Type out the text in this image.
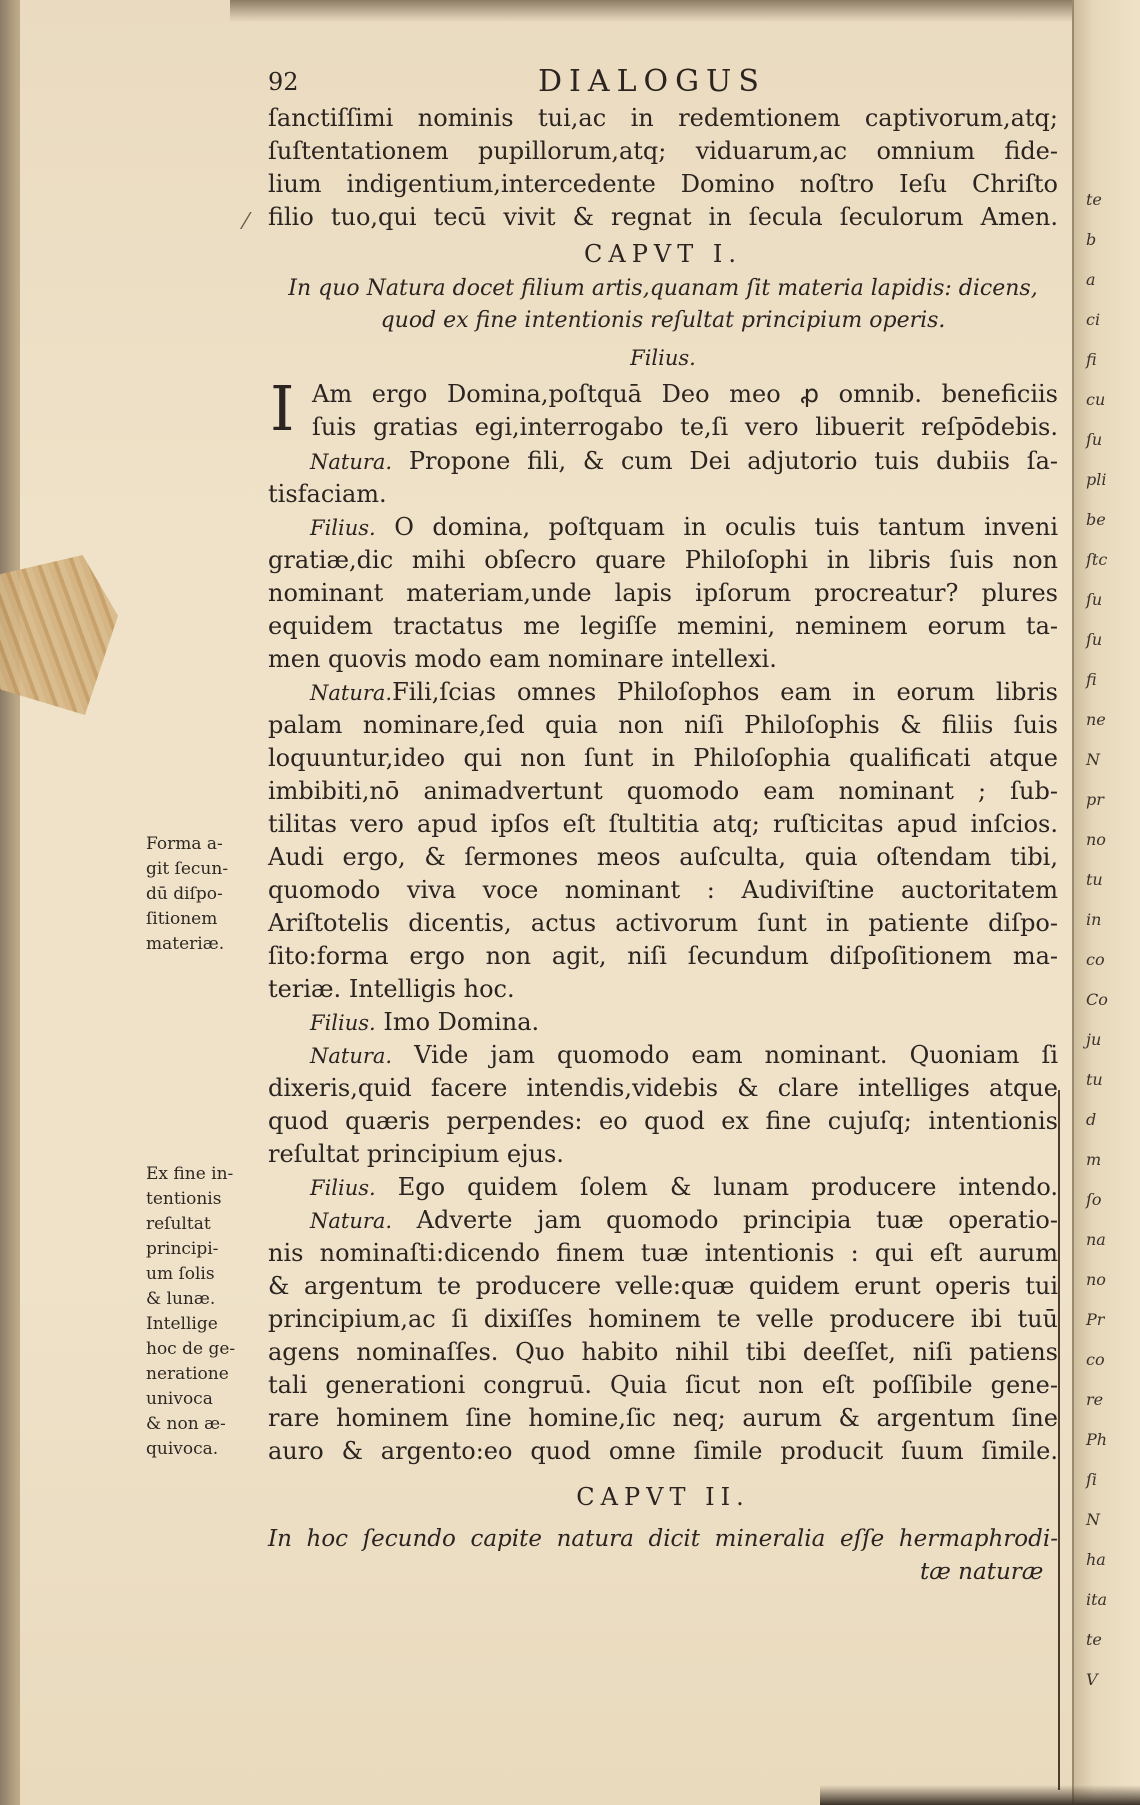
te
b
a
ci
fi
cu
ſu
pli
be
ſtc
ſu
ſu
fi
ne
N
pr
no
tu
in
co
Co
ju
tu
d
m
ſo
na
no
Pr
co
re
Ph
ſi
N
ha
ita
te
V
92	DIALOGUS
ſanctiſſimi nominis tui,ac in redemtionem captivorum,atq;
ſuſtentationem pupillorum,atq; viduarum,ac omnium fide-
lium indigentium,intercedente Domino noſtro Ieſu Chriſto
filio tuo,qui tecū vivit & regnat in ſecula ſeculorum Amen.
⁄
CAPVT I.
In quo Natura docet filium artis,quanam ſit materia lapidis: dicens,
quod ex fine intentionis reſultat principium operis.
Filius.
I Am ergo Domina,poſtquā Deo meo ꝓ omnib. beneficiis
ſuis gratias egi,interrogabo te,ſi vero libuerit reſpōdebis.
Natura. Propone fili, & cum Dei adjutorio tuis dubiis ſa-
tisfaciam.
Filius. O domina, poſtquam in oculis tuis tantum inveni
gratiæ,dic mihi obſecro quare Philoſophi in libris ſuis non
nominant materiam,unde lapis ipſorum procreatur? plures
equidem tractatus me legiſſe memini, neminem eorum ta-
men quovis modo eam nominare intellexi.
Natura.Fili,ſcias omnes Philoſophos eam in eorum libris
palam nominare,ſed quia non niſi Philoſophis & filiis ſuis
loquuntur,ideo qui non ſunt in Philoſophia qualificati atque
imbibiti,nō animadvertunt quomodo eam nominant ; ſub-
tilitas vero apud ipſos eſt ſtultitia atq; ruſticitas apud inſcios.
Audi ergo, & ſermones meos auſculta, quia oſtendam tibi,
quomodo viva voce nominant : Audiviſtine auctoritatem
Ariſtotelis dicentis, actus activorum ſunt in patiente diſpo-
ſito:forma ergo non agit, niſi ſecundum diſpoſitionem ma-
teriæ. Intelligis hoc.
Filius. Imo Domina.
Natura. Vide jam quomodo eam nominant. Quoniam ſi
dixeris,quid facere intendis,videbis & clare intelliges atque
quod quæris perpendes: eo quod ex fine cujuſq; intentionis
reſultat principium ejus.
Filius. Ego quidem ſolem & lunam producere intendo.
Natura. Adverte jam quomodo principia tuæ operatio-
nis nominaſti:dicendo finem tuæ intentionis : qui eſt aurum
& argentum te producere velle:quæ quidem erunt operis tui
principium,ac ſi dixiſſes hominem te velle producere ibi tuū
agens nominaſſes. Quo habito nihil tibi deeſſet, niſi patiens
tali generationi congruū. Quia ſicut non eſt poſſibile gene-
rare hominem ſine homine,ſic neq; aurum & argentum ſine
auro & argento:eo quod omne ſimile producit ſuum ſimile.
CAPVT II.
In hoc ſecundo capite natura dicit mineralia eſſe hermaphrodi-
tæ naturæ
Forma a-
git ſecun-
dū diſpo-
ſitionem
materiæ.
Ex fine in-
tentionis
reſultat
principi-
um ſolis
& lunæ.
Intellige
hoc de ge-
neratione
univoca
& non æ-
quivoca.
